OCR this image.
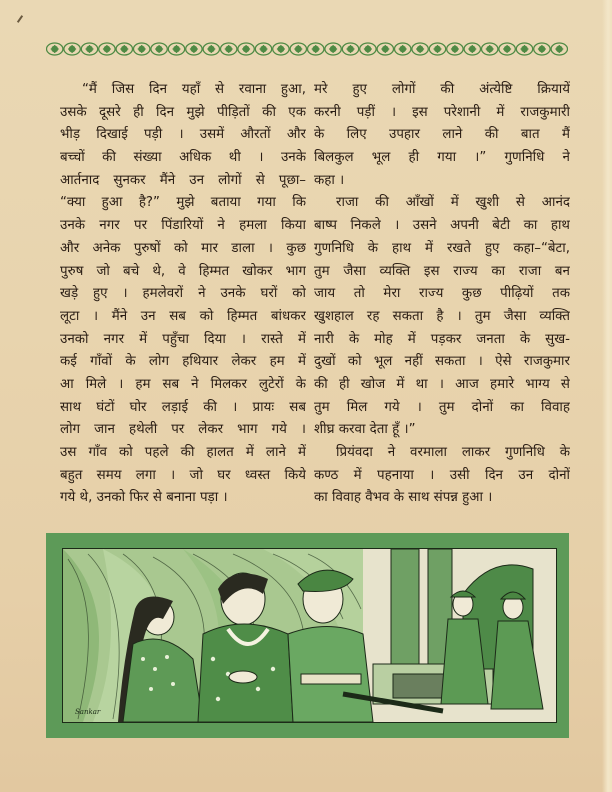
“मैं जिस दिन यहाँ से रवाना हुआ,
उसके दूसरे ही दिन मुझे पीड़ितों की एक
भीड़ दिखाई पड़ी । उसमें औरतों और
बच्चों की संख्या अधिक थी । उनके
आर्तनाद सुनकर मैंने उन लोगों से पूछा–
“क्या हुआ है?” मुझे बताया गया कि
उनके नगर पर पिंडारियों ने हमला किया
और अनेक पुरुषों को मार डाला । कुछ
पुरुष जो बचे थे, वे हिम्मत खोकर भाग
खड़े हुए । हमलेवरों ने उनके घरों को
लूटा । मैंने उन सब को हिम्मत बांधकर
उनको नगर में पहुँचा दिया । रास्ते में
कई गाँवों के लोग हथियार लेकर हम में
आ मिले । हम सब ने मिलकर लुटेरों के
साथ घंटों घोर लड़ाई की । प्रायः सब
लोग जान हथेली पर लेकर भाग गये ।
उस गाँव को पहले की हालत में लाने में
बहुत समय लगा । जो घर ध्वस्त किये
गये थे, उनको फिर से बनाना पड़ा ।
मरे हुए लोगों की अंत्येष्टि क्रियायें
करनी पड़ीं । इस परेशानी में राजकुमारी
के लिए उपहार लाने की बात मैं
बिलकुल भूल ही गया ।” गुणनिधि ने
कहा ।
राजा की आँखों में खुशी से आनंद
बाष्प निकले । उसने अपनी बेटी का हाथ
गुणनिधि के हाथ में रखते हुए कहा–“बेटा,
तुम जैसा व्यक्ति इस राज्य का राजा बन
जाय तो मेरा राज्य कुछ पीढ़ियों तक
खुशहाल रह सकता है । तुम जैसा व्यक्ति
नारी के मोह में पड़कर जनता के सुख-
दुखों को भूल नहीं सकता । ऐसे राजकुमार
की ही खोज में था । आज हमारे भाग्य से
तुम मिल गये । तुम दोनों का विवाह
शीघ्र करवा देता हूँ ।”
प्रियंवदा ने वरमाला लाकर गुणनिधि के
कण्ठ में पहनाया । उसी दिन उन दोनों
का विवाह वैभव के साथ संपन्न हुआ ।
Sankar
